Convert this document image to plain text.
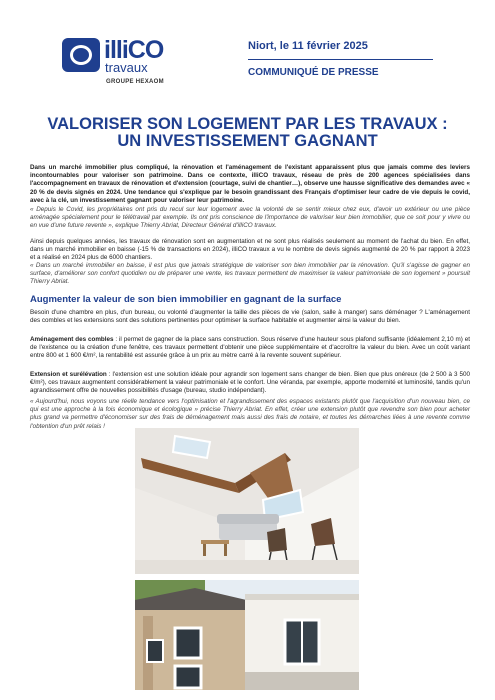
illiCO
travaux
GROUPE HEXAOM
Niort, le 11 février 2025
COMMUNIQUÉ DE PRESSE
VALORISER SON LOGEMENT PAR LES TRAVAUX :
UN INVESTISSEMENT GAGNANT

Dans un marché immobilier plus compliqué, la rénovation et l'aménagement de l'existant apparaissent plus que jamais comme des leviers incontournables pour valoriser son patrimoine. Dans ce contexte, illiCO travaux, réseau de près de 200 agences spécialisées dans l'accompagnement en travaux de rénovation et d'extension (courtage, suivi de chantier…), observe une hausse significative des demandes avec « 20 % de devis signés en 2024. Une tendance qui s'explique par le besoin grandissant des Français d'optimiser leur cadre de vie depuis le covid, avec à la clé, un investissement gagnant pour valoriser leur patrimoine.

« Depuis le Covid, les propriétaires ont pris du recul sur leur logement avec la volonté de se sentir mieux chez eux, d'avoir un extérieur ou une pièce aménagée spécialement pour le télétravail par exemple. Ils ont pris conscience de l'importance de valoriser leur bien immobilier, que ce soit pour y vivre ou en vue d'une future revente », explique Thierry Abriat, Directeur Général d'illiCO travaux.

Ainsi depuis quelques années, les travaux de rénovation sont en augmentation et ne sont plus réalisés seulement au moment de l'achat du bien. En effet, dans un marché immobilier en baisse (-15 % de transactions en 2024), illiCO travaux a vu le nombre de devis signés augmenté de 20 % par rapport à 2023 et a réalisé en 2024 plus de 6000 chantiers.

« Dans un marché immobilier en baisse, il est plus que jamais stratégique de valoriser son bien immobilier par la rénovation. Qu'il s'agisse de gagner en surface, d'améliorer son confort quotidien ou de préparer une vente, les travaux permettent de maximiser la valeur patrimoniale de son logement » poursuit Thierry Abriat.

Augmenter la valeur de son bien immobilier en gagnant de la surface

Besoin d'une chambre en plus, d'un bureau, ou volonté d'augmenter la taille des pièces de vie (salon, salle à manger) sans déménager ? L'aménagement des combles et les extensions sont des solutions pertinentes pour optimiser la surface habitable et augmenter ainsi la valeur du bien.

Aménagement des combles : il permet de gagner de la place sans construction. Sous réserve d'une hauteur sous plafond suffisante (idéalement 2,10 m) et de l'existence ou la création d'une fenêtre, ces travaux permettent d'obtenir une pièce supplémentaire et d'accroître la valeur du bien. Avec un coût variant entre 800 et 1 600 €/m², la rentabilité est assurée grâce à un prix au mètre carré à la revente souvent supérieur.

Extension et surélévation : l'extension est une solution idéale pour agrandir son logement sans changer de bien. Bien que plus onéreux (de 2 500 à 3 500 €/m²), ces travaux augmentent considérablement la valeur patrimoniale et le confort. Une véranda, par exemple, apporte modernité et luminosité, tandis qu'un agrandissement offre de nouvelles possibilités d'usage (bureau, studio indépendant).

« Aujourd'hui, nous voyons une réelle tendance vers l'optimisation et l'agrandissement des espaces existants plutôt que l'acquisition d'un nouveau bien, ce qui est une approche à la fois économique et écologique » précise Thierry Abriat. En effet, créer une extension plutôt que revendre son bien pour acheter plus grand va permettre d'économiser sur des frais de déménagement mais aussi des frais de notaire, et toutes les démarches liées à une revente comme l'obtention d'un prêt relais !
